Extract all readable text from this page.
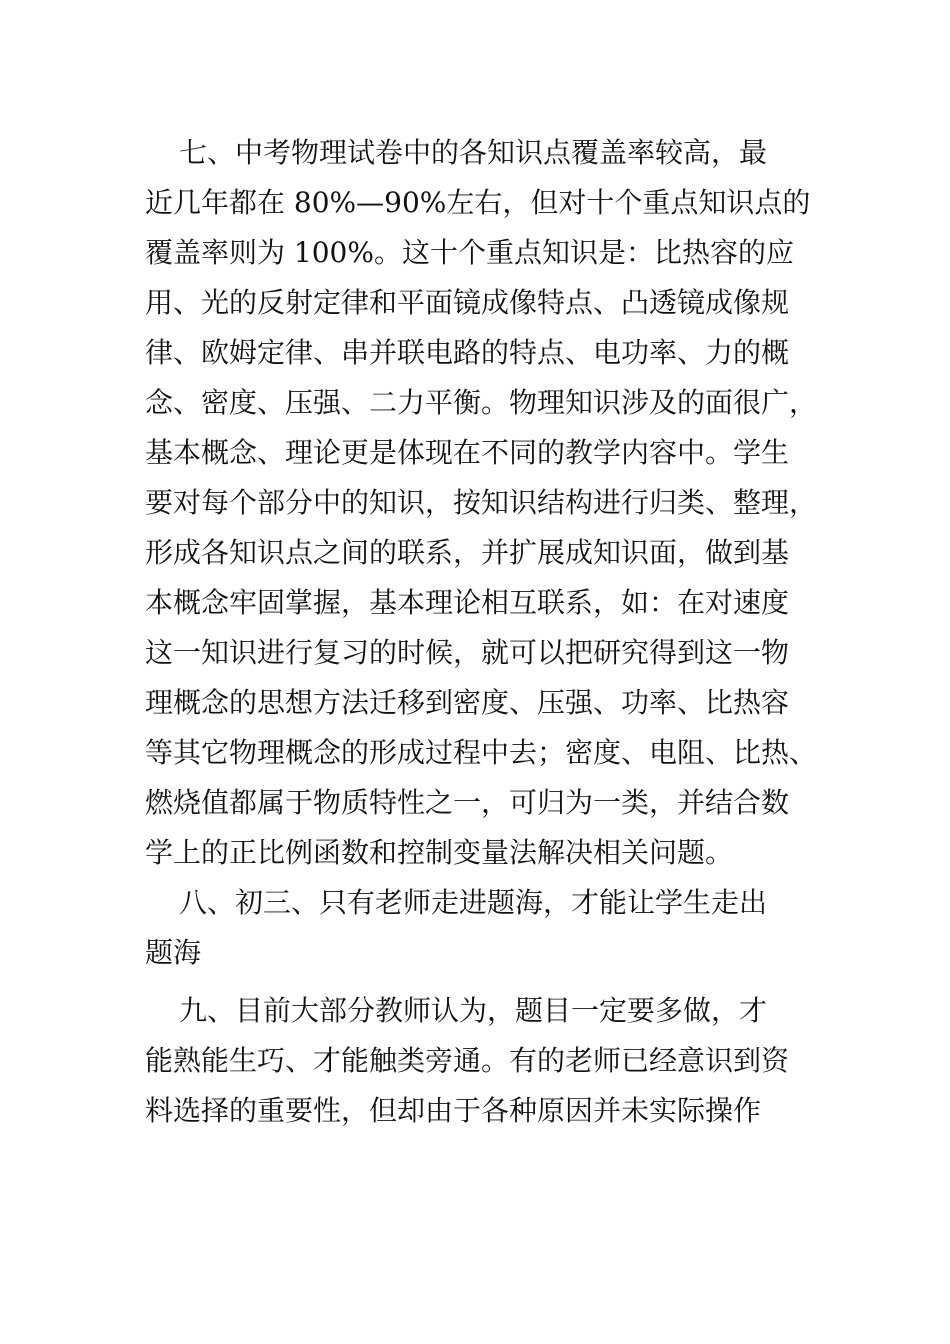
七、中考物理试卷中的各知识点覆盖率较高，最
近几年都在 80%—90%左右，但对十个重点知识点的
覆盖率则为 100%。这十个重点知识是：比热容的应
用、光的反射定律和平面镜成像特点、凸透镜成像规
律、欧姆定律、串并联电路的特点、电功率、力的概
念、密度、压强、二力平衡。物理知识涉及的面很广，
基本概念、理论更是体现在不同的教学内容中。学生
要对每个部分中的知识，按知识结构进行归类、整理，
形成各知识点之间的联系，并扩展成知识面，做到基
本概念牢固掌握，基本理论相互联系，如：在对速度
这一知识进行复习的时候，就可以把研究得到这一物
理概念的思想方法迁移到密度、压强、功率、比热容
等其它物理概念的形成过程中去；密度、电阻、比热、
燃烧值都属于物质特性之一，可归为一类，并结合数
学上的正比例函数和控制变量法解决相关问题。
八、初三、只有老师走进题海，才能让学生走出
题海
九、目前大部分教师认为，题目一定要多做，才
能熟能生巧、才能触类旁通。有的老师已经意识到资
料选择的重要性，但却由于各种原因并未实际操作
